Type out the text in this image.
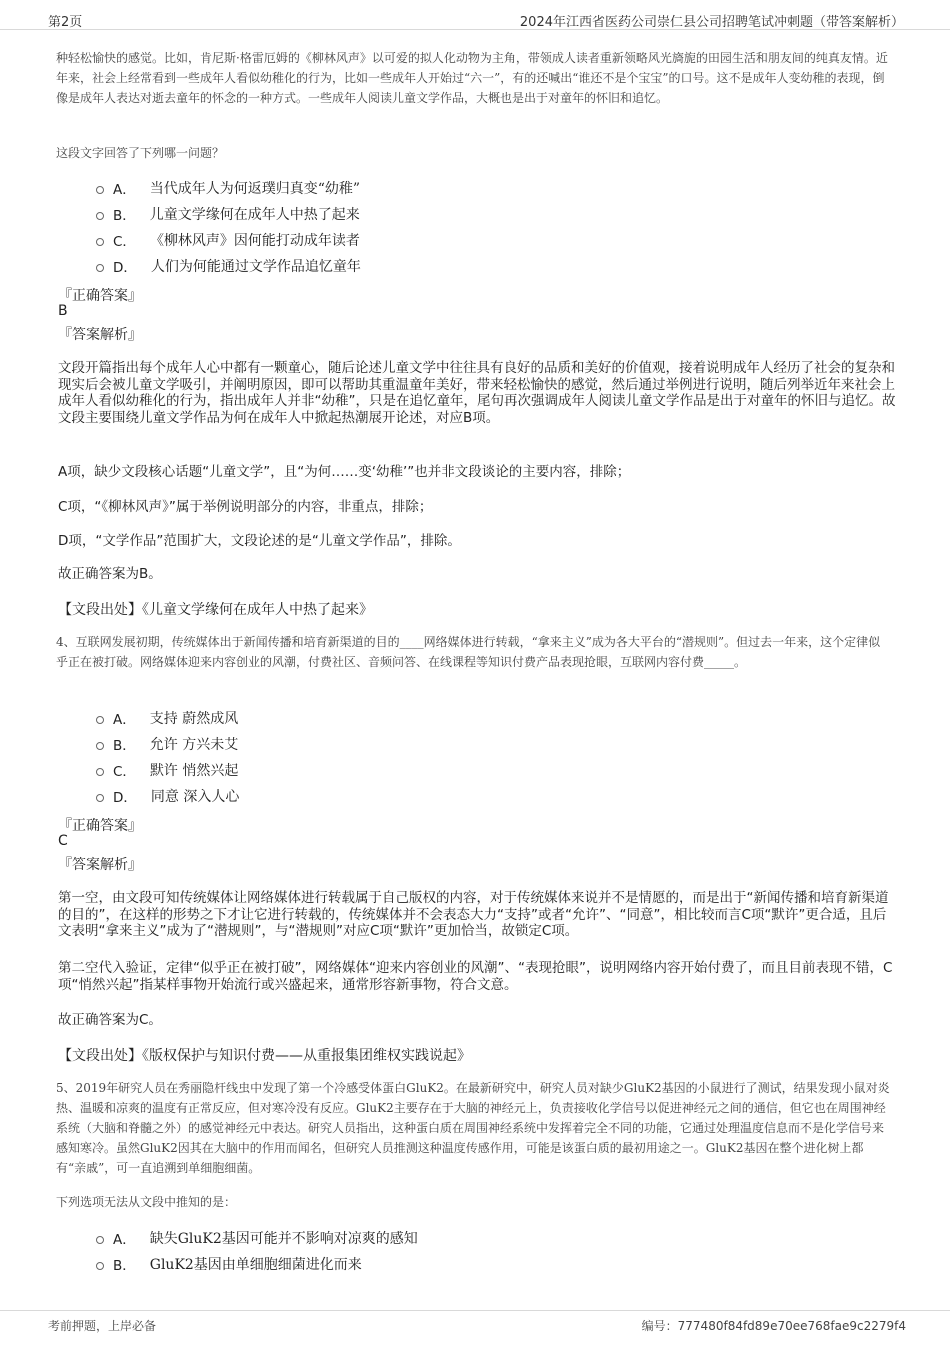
第2页	2024年江西省医药公司崇仁县公司招聘笔试冲刺题（带答案解析）

种轻松愉快的感觉。比如，肯尼斯·格雷厄姆的《柳林风声》以可爱的拟人化动物为主角，带领成人读者重新领略风光旖旎的田园生活和朋友间的纯真友情。近年来，社会上经常看到一些成年人看似幼稚化的行为，比如一些成年人开始过“六一”，有的还喊出“谁还不是个宝宝”的口号。这不是成年人变幼稚的表现，倒像是成年人表达对逝去童年的怀念的一种方式。一些成年人阅读儿童文学作品，大概也是出于对童年的怀旧和追忆。

这段文字回答了下列哪一问题？

A． 当代成年人为何返璞归真变“幼稚”
B． 儿童文学缘何在成年人中热了起来
C． 《柳林风声》因何能打动成年读者
D． 人们为何能通过文学作品追忆童年

『正确答案』

B

『答案解析』

文段开篇指出每个成年人心中都有一颗童心，随后论述儿童文学中往往具有良好的品质和美好的价值观，接着说明成年人经历了社会的复杂和现实后会被儿童文学吸引，并阐明原因，即可以帮助其重温童年美好，带来轻松愉快的感觉，然后通过举例进行说明，随后列举近年来社会上成年人看似幼稚化的行为，指出成年人并非“幼稚”，只是在追忆童年，尾句再次强调成年人阅读儿童文学作品是出于对童年的怀旧与追忆。故文段主要围绕儿童文学作品为何在成年人中掀起热潮展开论述，对应B项。

A项，缺少文段核心话题“儿童文学”，且“为何……变‘幼稚’”也并非文段谈论的主要内容，排除；

C项，“《柳林风声》”属于举例说明部分的内容，非重点，排除；

D项，“文学作品”范围扩大，文段论述的是“儿童文学作品”，排除。

故正确答案为B。

【文段出处】《儿童文学缘何在成年人中热了起来》

4、互联网发展初期，传统媒体出于新闻传播和培育新渠道的目的____网络媒体进行转载，“拿来主义”成为各大平台的“潜规则”。但过去一年来，这个定律似乎正在被打破。网络媒体迎来内容创业的风潮，付费社区、音频问答、在线课程等知识付费产品表现抢眼，互联网内容付费_____。

A． 支持 蔚然成风
B． 允许 方兴未艾
C． 默许 悄然兴起
D． 同意 深入人心

『正确答案』

C

『答案解析』

第一空，由文段可知传统媒体让网络媒体进行转载属于自己版权的内容，对于传统媒体来说并不是情愿的，而是出于“新闻传播和培育新渠道的目的”，在这样的形势之下才让它进行转载的，传统媒体并不会表态大力“支持”或者“允许”、“同意”，相比较而言C项“默许”更合适，且后文表明“拿来主义”成为了“潜规则”，与“潜规则”对应C项“默许”更加恰当，故锁定C项。

第二空代入验证，定律“似乎正在被打破”，网络媒体“迎来内容创业的风潮”、“表现抢眼”，说明网络内容开始付费了，而且目前表现不错，C项“悄然兴起”指某样事物开始流行或兴盛起来，通常形容新事物，符合文意。

故正确答案为C。

【文段出处】《版权保护与知识付费——从重报集团维权实践说起》

5、2019年研究人员在秀丽隐杆线虫中发现了第一个冷感受体蛋白GluK2。在最新研究中，研究人员对缺少GluK2基因的小鼠进行了测试，结果发现小鼠对炎热、温暖和凉爽的温度有正常反应，但对寒冷没有反应。GluK2主要存在于大脑的神经元上，负责接收化学信号以促进神经元之间的通信，但它也在周围神经系统（大脑和脊髓之外）的感觉神经元中表达。研究人员指出，这种蛋白质在周围神经系统中发挥着完全不同的功能，它通过处理温度信息而不是化学信号来感知寒冷。虽然GluK2因其在大脑中的作用而闻名，但研究人员推测这种温度传感作用，可能是该蛋白质的最初用途之一。GluK2基因在整个进化树上都有“亲戚”，可一直追溯到单细胞细菌。

下列选项无法从文段中推知的是：

A． 缺失GluK2基因可能并不影响对凉爽的感知
B． GluK2基因由单细胞细菌进化而来
考前押题，上岸必备	编号：777480f84fd89e70ee768fae9c2279f4
